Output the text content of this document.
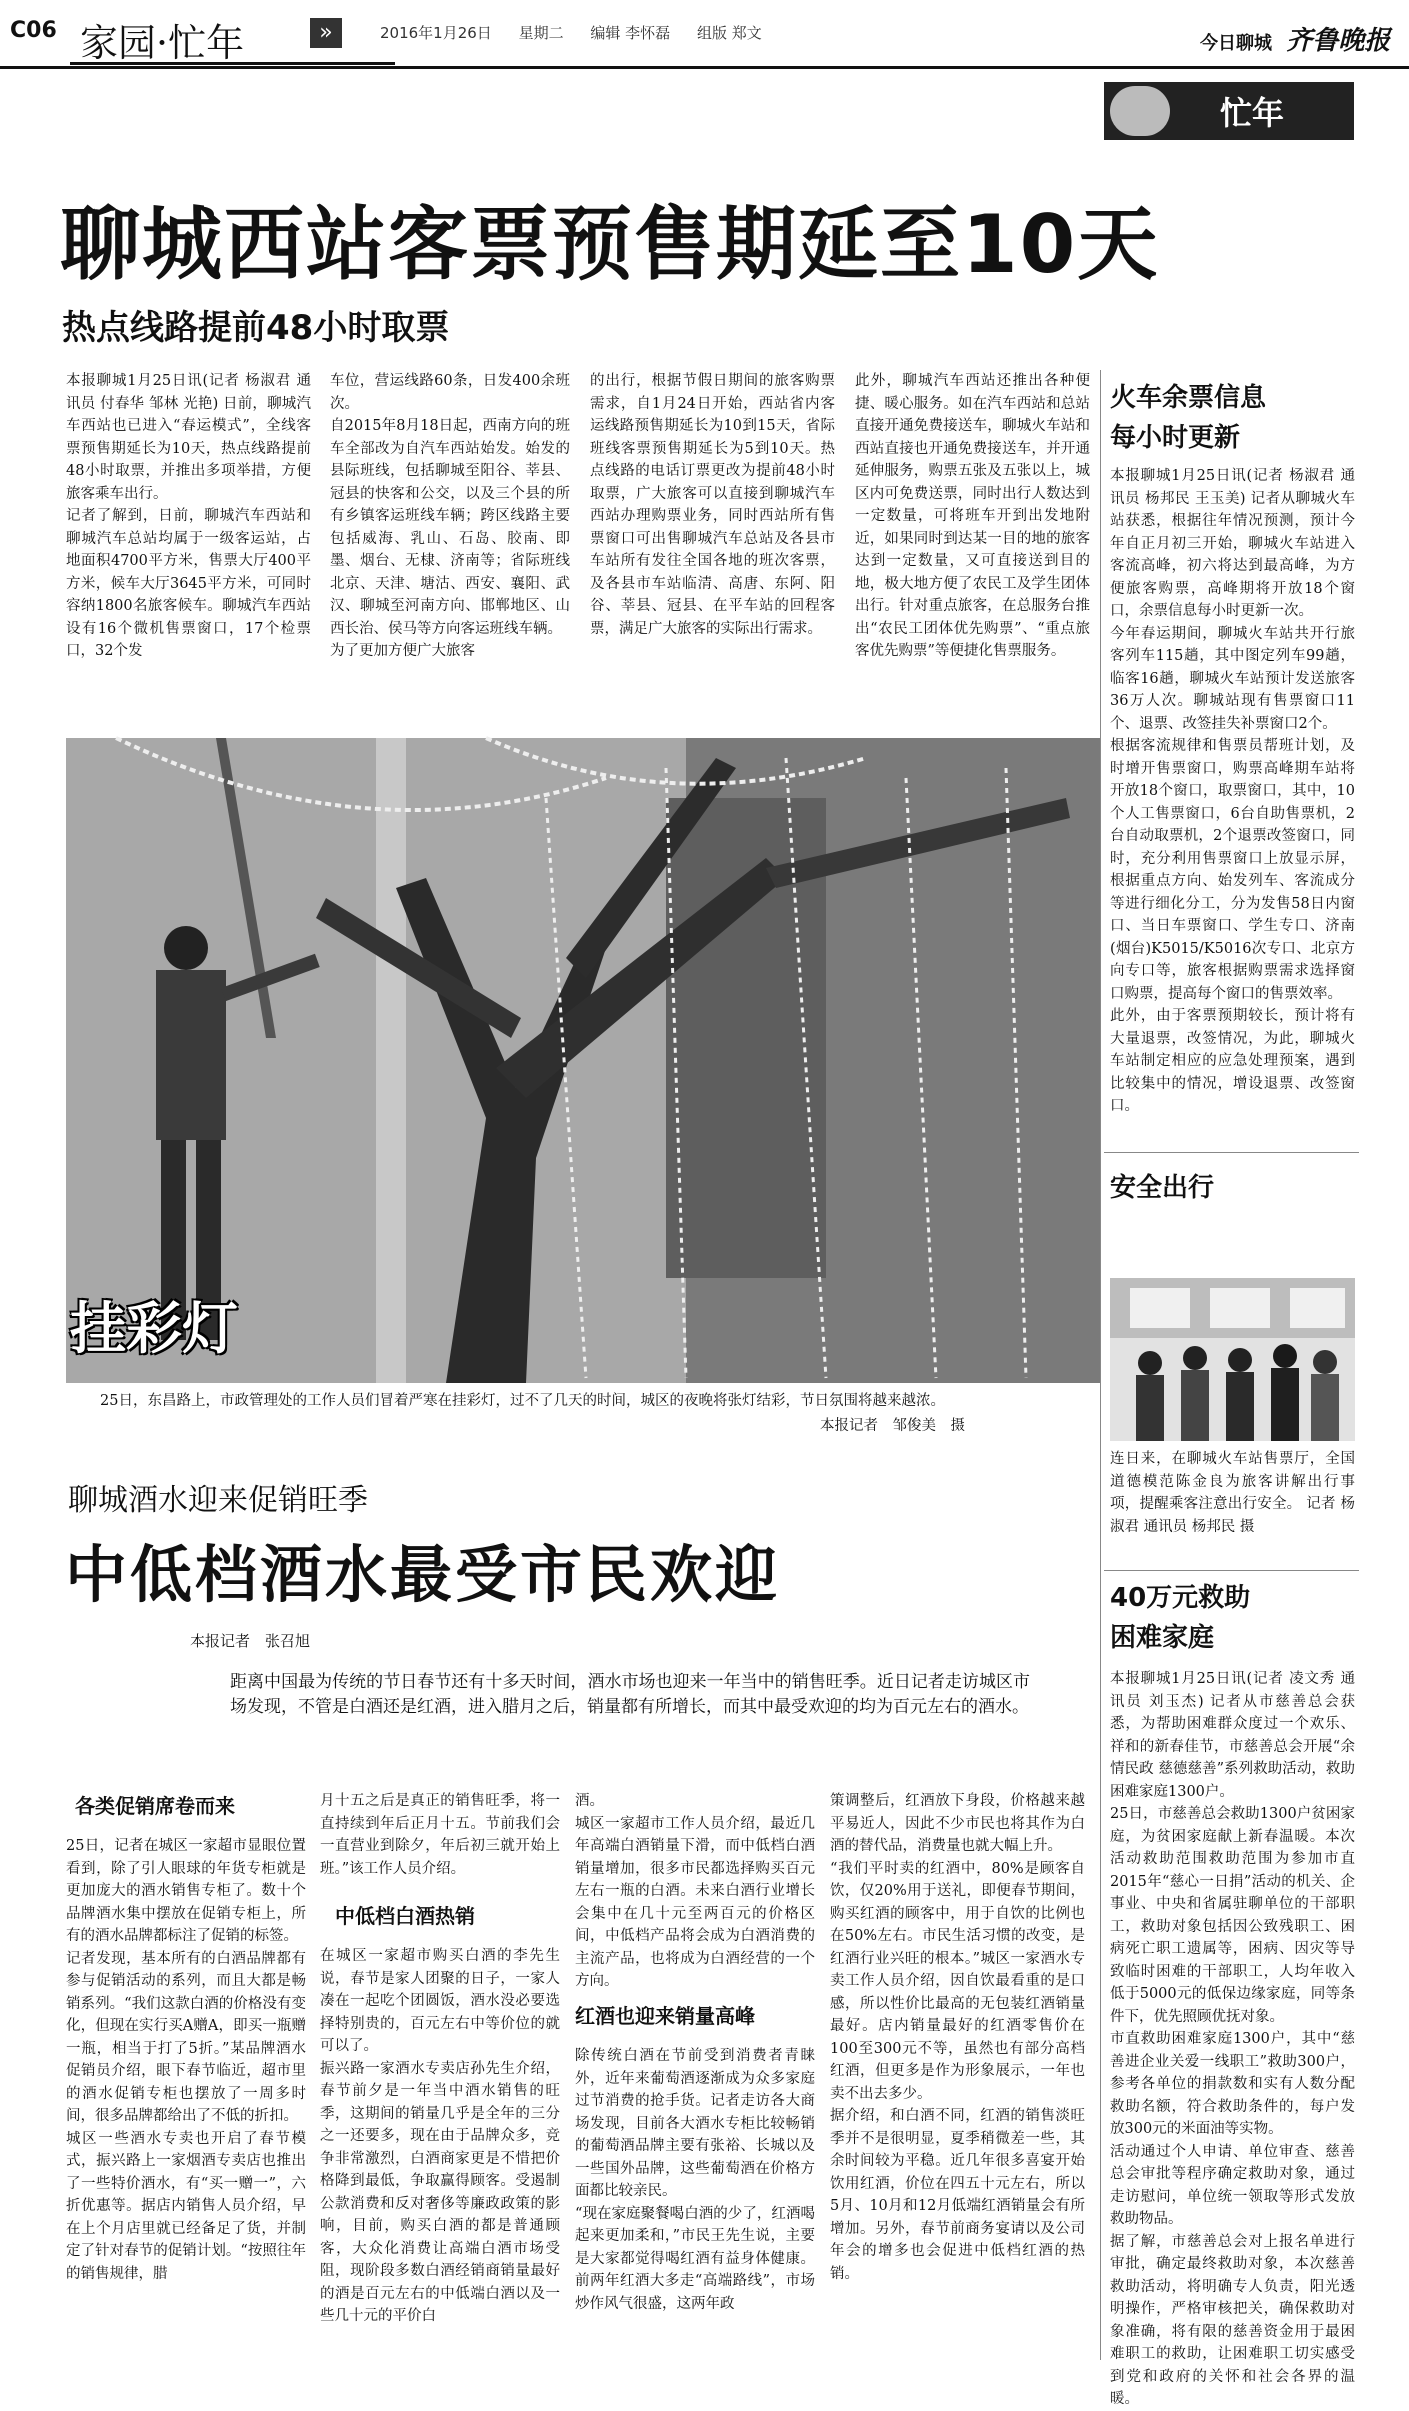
C06 家园·忙年	»	2016年1月26日 星期二 编辑 李怀磊 组版 郑文	今日聊城 齐鲁晚报
忙年
聊城西站客票预售期延至10天
热点线路提前48小时取票
本报聊城1月25日讯(记者 杨淑君 通讯员 付春华 邹林 光艳) 日前，聊城汽车西站也已进入“春运模式”，全线客票预售期延长为10天，热点线路提前48小时取票，并推出多项举措，方便旅客乘车出行。
记者了解到，日前，聊城汽车西站和聊城汽车总站均属于一级客运站，占地面积4700平方米，售票大厅400平方米，候车大厅3645平方米，可同时容纳1800名旅客候车。聊城汽车西站设有16个微机售票窗口，17个检票口，32个发
车位，营运线路60条，日发400余班次。
自2015年8月18日起，西南方向的班车全部改为自汽车西站始发。始发的县际班线，包括聊城至阳谷、莘县、冠县的快客和公交，以及三个县的所有乡镇客运班线车辆；跨区线路主要包括威海、乳山、石岛、胶南、即墨、烟台、无棣、济南等；省际班线北京、天津、塘沽、西安、襄阳、武汉、聊城至河南方向、邯郸地区、山西长治、侯马等方向客运班线车辆。
为了更加方便广大旅客
的出行，根据节假日期间的旅客购票需求，自1月24日开始，西站省内客运线路预售期延长为10到15天，省际班线客票预售期延长为5到10天。热点线路的电话订票更改为提前48小时取票，广大旅客可以直接到聊城汽车西站办理购票业务，同时西站所有售票窗口可出售聊城汽车总站及各县市车站所有发往全国各地的班次客票，及各县市车站临清、高唐、东阿、阳谷、莘县、冠县、在平车站的回程客票，满足广大旅客的实际出行需求。
此外，聊城汽车西站还推出各种便捷、暖心服务。如在汽车西站和总站直接开通免费接送车，聊城火车站和西站直接也开通免费接送车，并开通延伸服务，购票五张及五张以上，城区内可免费送票，同时出行人数达到一定数量，可将班车开到出发地附近，如果同时到达某一目的地的旅客达到一定数量，又可直接送到目的地，极大地方便了农民工及学生团体出行。针对重点旅客，在总服务台推出“农民工团体优先购票”、“重点旅客优先购票”等便捷化售票服务。
火车余票信息
每小时更新
本报聊城1月25日讯(记者 杨淑君 通讯员 杨邦民 王玉美) 记者从聊城火车站获悉，根据往年情况预测，预计今年自正月初三开始，聊城火车站进入客流高峰，初六将达到最高峰，为方便旅客购票，高峰期将开放18个窗口，余票信息每小时更新一次。
今年春运期间，聊城火车站共开行旅客列车115趟，其中图定列车99趟，临客16趟，聊城火车站预计发送旅客36万人次。聊城站现有售票窗口11个、退票、改签挂失补票窗口2个。
根据客流规律和售票员帮班计划，及时增开售票窗口，购票高峰期车站将开放18个窗口，取票窗口，其中，10个人工售票窗口，6台自助售票机，2台自动取票机，2个退票改签窗口，同时，充分利用售票窗口上放显示屏，根据重点方向、始发列车、客流成分等进行细化分工，分为发售58日内窗口、当日车票窗口、学生专口、济南(烟台)K5015/K5016次专口、北京方向专口等，旅客根据购票需求选择窗口购票，提高每个窗口的售票效率。
此外，由于客票预期较长，预计将有大量退票，改签情况，为此，聊城火车站制定相应的应急处理预案，遇到比较集中的情况，增设退票、改签窗口。
安全出行
连日来，在聊城火车站售票厅，全国道德模范陈金良为旅客讲解出行事项，提醒乘客注意出行安全。 记者 杨淑君 通讯员 杨邦民 摄
40万元救助
困难家庭
本报聊城1月25日讯(记者 凌文秀 通讯员 刘玉杰) 记者从市慈善总会获悉，为帮助困难群众度过一个欢乐、祥和的新春佳节，市慈善总会开展“余情民政 慈德慈善”系列救助活动，救助困难家庭1300户。
25日，市慈善总会救助1300户贫困家庭，为贫困家庭献上新春温暖。本次活动救助范围救助范围为参加市直2015年“慈心一日捐”活动的机关、企事业、中央和省属驻聊单位的干部职工，救助对象包括因公致残职工、困病死亡职工遗属等，困病、因灾等导致临时困难的干部职工，人均年收入低于5000元的低保边缘家庭，同等条件下，优先照顾优抚对象。
市直救助困难家庭1300户，其中“慈善进企业关爱一线职工”救助300户，参考各单位的捐款数和实有人数分配救助名额，符合救助条件的，每户发放300元的米面油等实物。
活动通过个人申请、单位审查、慈善总会审批等程序确定救助对象，通过走访慰问，单位统一领取等形式发放救助物品。
据了解，市慈善总会对上报名单进行审批，确定最终救助对象，本次慈善救助活动，将明确专人负责，阳光透明操作，严格审核把关，确保救助对象准确，将有限的慈善资金用于最困难职工的救助，让困难职工切实感受到党和政府的关怀和社会各界的温暖。
挂彩灯
25日，东昌路上，市政管理处的工作人员们冒着严寒在挂彩灯，过不了几天的时间，城区的夜晚将张灯结彩，节日氛围将越来越浓。
本报记者　邹俊美　摄
聊城酒水迎来促销旺季
中低档酒水最受市民欢迎
本报记者　张召旭
距离中国最为传统的节日春节还有十多天时间，酒水市场也迎来一年当中的销售旺季。近日记者走访城区市场发现，不管是白酒还是红酒，进入腊月之后，销量都有所增长，而其中最受欢迎的均为百元左右的酒水。
各类促销席卷而来
25日，记者在城区一家超市显眼位置看到，除了引人眼球的年货专柜就是更加庞大的酒水销售专柜了。数十个品牌酒水集中摆放在促销专柜上，所有的酒水品牌都标注了促销的标签。
记者发现，基本所有的白酒品牌都有参与促销活动的系列，而且大都是畅销系列。“我们这款白酒的价格没有变化，但现在实行买A赠A，即买一瓶赠一瓶，相当于打了5折。”某品牌酒水促销员介绍，眼下春节临近，超市里的酒水促销专柜也摆放了一周多时间，很多品牌都给出了不低的折扣。
城区一些酒水专卖也开启了春节模式，振兴路上一家烟酒专卖店也推出了一些特价酒水，有“买一赠一”，六折优惠等。据店内销售人员介绍，早在上个月店里就已经备足了货，并制定了针对春节的促销计划。“按照往年的销售规律，腊
月十五之后是真正的销售旺季，将一直持续到年后正月十五。节前我们会一直营业到除夕，年后初三就开始上班。”该工作人员介绍。
中低档白酒热销
在城区一家超市购买白酒的李先生说，春节是家人团聚的日子，一家人凑在一起吃个团圆饭，酒水没必要选择特别贵的，百元左右中等价位的就可以了。
振兴路一家酒水专卖店孙先生介绍，春节前夕是一年当中酒水销售的旺季，这期间的销量几乎是全年的三分之一还要多，现在由于品牌众多，竞争非常激烈，白酒商家更是不惜把价格降到最低，争取赢得顾客。受遏制公款消费和反对奢侈等廉政政策的影响，目前，购买白酒的都是普通顾客，大众化消费让高端白酒市场受阻，现阶段多数白酒经销商销量最好的酒是百元左右的中低端白酒以及一些几十元的平价白
酒。
城区一家超市工作人员介绍，最近几年高端白酒销量下滑，而中低档白酒销量增加，很多市民都选择购买百元左右一瓶的白酒。未来白酒行业增长会集中在几十元至两百元的价格区间，中低档产品将会成为白酒消费的主流产品，也将成为白酒经营的一个方向。
红酒也迎来销量高峰
除传统白酒在节前受到消费者青睐外，近年来葡萄酒逐渐成为众多家庭过节消费的抢手货。记者走访各大商场发现，目前各大酒水专柜比较畅销的葡萄酒品牌主要有张裕、长城以及一些国外品牌，这些葡萄酒在价格方面都比较亲民。
“现在家庭聚餐喝白酒的少了，红酒喝起来更加柔和，”市民王先生说，主要是大家都觉得喝红酒有益身体健康。前两年红酒大多走“高端路线”，市场炒作风气很盛，这两年政
策调整后，红酒放下身段，价格越来越平易近人，因此不少市民也将其作为白酒的替代品，消费量也就大幅上升。
“我们平时卖的红酒中，80%是顾客自饮，仅20%用于送礼，即便春节期间，购买红酒的顾客中，用于自饮的比例也在50%左右。市民生活习惯的改变，是红酒行业兴旺的根本。”城区一家酒水专卖工作人员介绍，因自饮最看重的是口感，所以性价比最高的无包装红酒销量最好。店内销量最好的红酒零售价在100至300元不等，虽然也有部分高档红酒，但更多是作为形象展示，一年也卖不出去多少。
据介绍，和白酒不同，红酒的销售淡旺季并不是很明显，夏季稍微差一些，其余时间较为平稳。近几年很多喜宴开始饮用红酒，价位在四五十元左右，所以5月、10月和12月低端红酒销量会有所增加。另外，春节前商务宴请以及公司年会的增多也会促进中低档红酒的热销。
